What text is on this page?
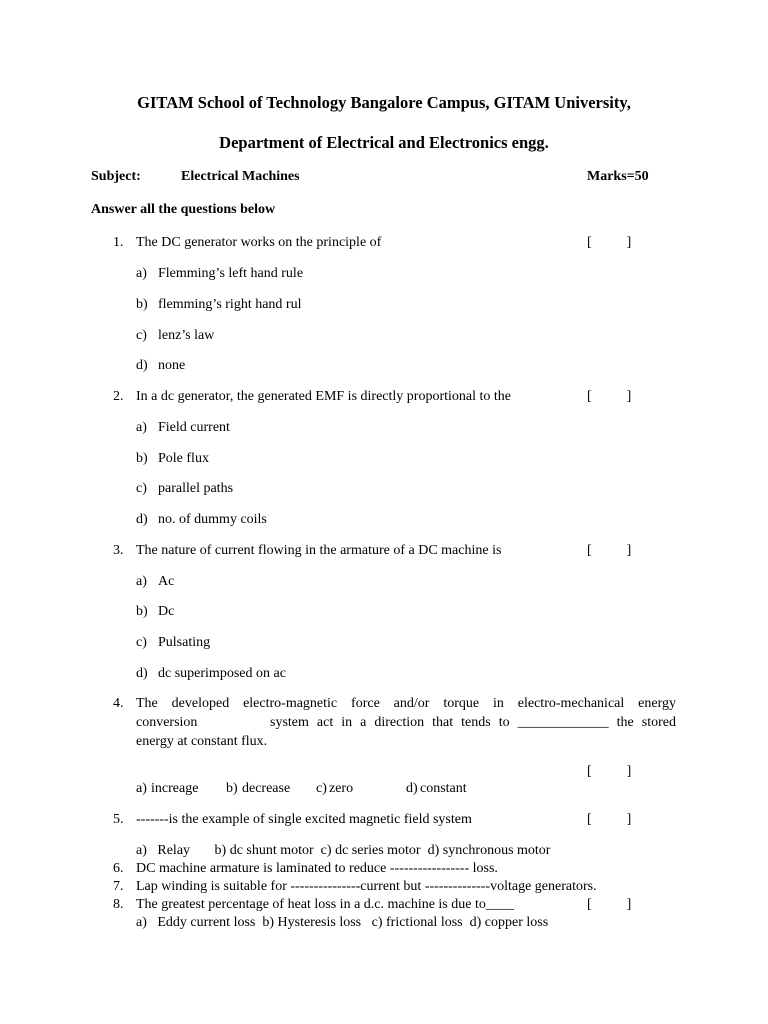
GITAM School of Technology Bangalore Campus, GITAM University,
Department of Electrical and Electronics engg.
Subject:	Electrical Machines	Marks=50
Answer all the questions below
1. The DC generator works on the principle of	[          ]
a) Flemming’s left hand rule
b) flemming’s right hand rul
c) lenz’s law
d) none
2. In a dc generator, the generated EMF is directly proportional to the	[          ]
a) Field current
b) Pole flux
c) parallel paths
d) no. of dummy coils
3. The nature of current flowing in the armature of a DC machine is	[          ]
a) Ac
b) Dc
c) Pulsating
d) dc superimposed on ac
4. The developed electro-magnetic force and/or torque in electro-mechanical energy
conversion	system act in a direction that tends to _____________ the stored
energy at constant flux.
[          ]
a) increage b) decrease c) zero	d) constant
5. -------is the example of single excited magnetic field system	[          ]
a)   Relay       b) dc shunt motor  c) dc series motor  d) synchronous motor
6. DC machine armature is laminated to reduce ----------------- loss.
7. Lap winding is suitable for ---------------current but --------------voltage generators.
8. The greatest percentage of heat loss in a d.c. machine is due to____	[          ]
a)   Eddy current loss  b) Hysteresis loss   c) frictional loss  d) copper loss
